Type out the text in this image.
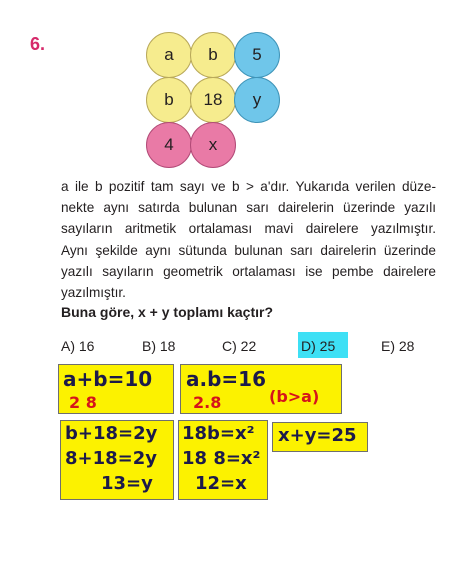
6.
a	b	5
b	18	y
4	x
a ile b pozitif tam sayı ve b > a'dır. Yukarıda verilen düze-
nekte aynı satırda bulunan sarı dairelerin üzerinde yazılı
sayıların aritmetik ortalaması mavi dairelere yazılmıştır.
Aynı şekilde aynı sütunda bulunan sarı dairelerin üzerinde
yazılı sayıların geometrik ortalaması ise pembe dairelere
yazılmıştır.
Buna göre, x + y toplamı kaçtır?
A) 16	B) 18	C) 22	D) 25	E) 28
a+b=10
2 8
a.b=16
2.8	(b>a)
b+18=2y
8+18=2y
13=y
18b=x²
18 8=x²
12=x
x+y=25
